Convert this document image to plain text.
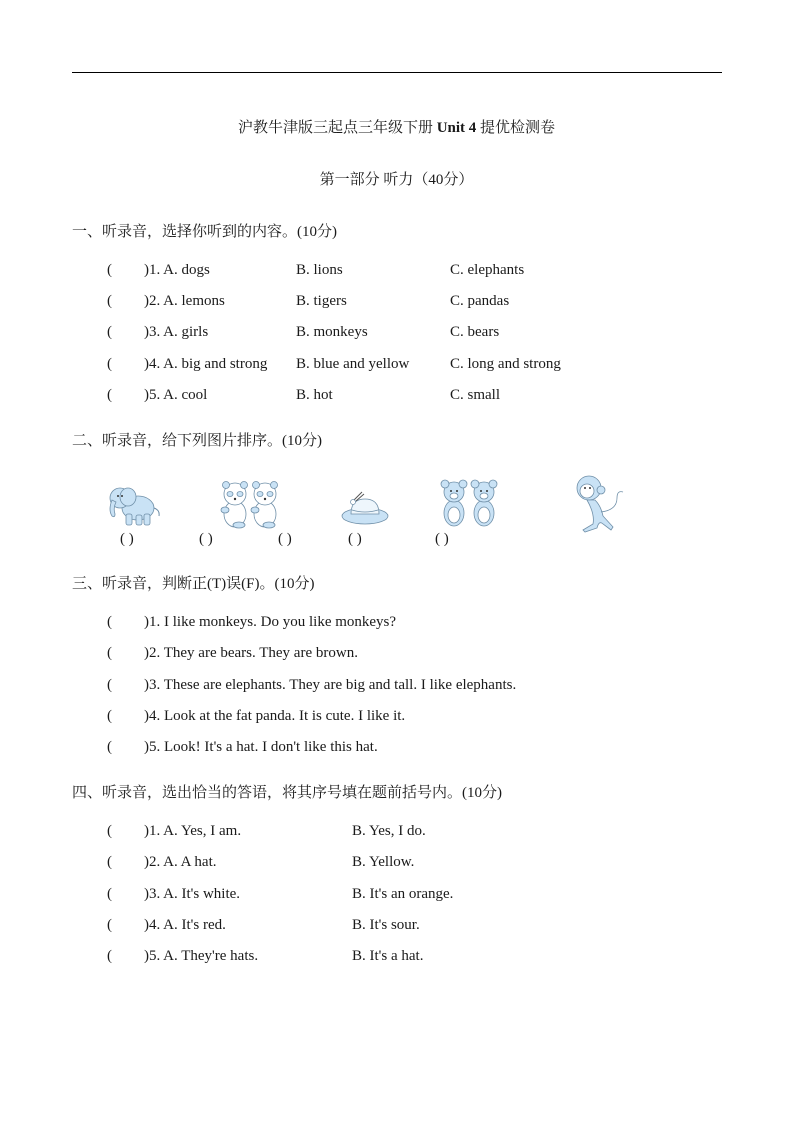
沪教牛津版三起点三年级下册 Unit 4 提优检测卷
第一部分 听力（40分）
一、听录音，选择你听到的内容。(10分)
( )1. A. dogs	B. lions	C. elephants
( )2. A. lemons	B. tigers	C. pandas
( )3. A. girls	B. monkeys	C. bears
( )4. A. big and strong B. blue and yellow	C. long and strong
( )5. A. cool	B. hot	C. small
二、听录音，给下列图片排序。(10分)
( )	( )	( )	( )	( )
三、听录音，判断正(T)误(F)。(10分)
( )1. I like monkeys. Do you like monkeys?
( )2. They are bears. They are brown.
( )3. These are elephants. They are big and tall. I like elephants.
( )4. Look at the fat panda. It is cute. I like it.
( )5. Look! It's a hat. I don't like this hat.
四、听录音，选出恰当的答语，将其序号填在题前括号内。(10分)
( )1. A. Yes, I am.	B. Yes, I do.
( )2. A. A hat.	B. Yellow.
( )3. A. It's white.	B. It's an orange.
( )4. A. It's red.	B. It's sour.
( )5. A. They're hats.	B. It's a hat.
